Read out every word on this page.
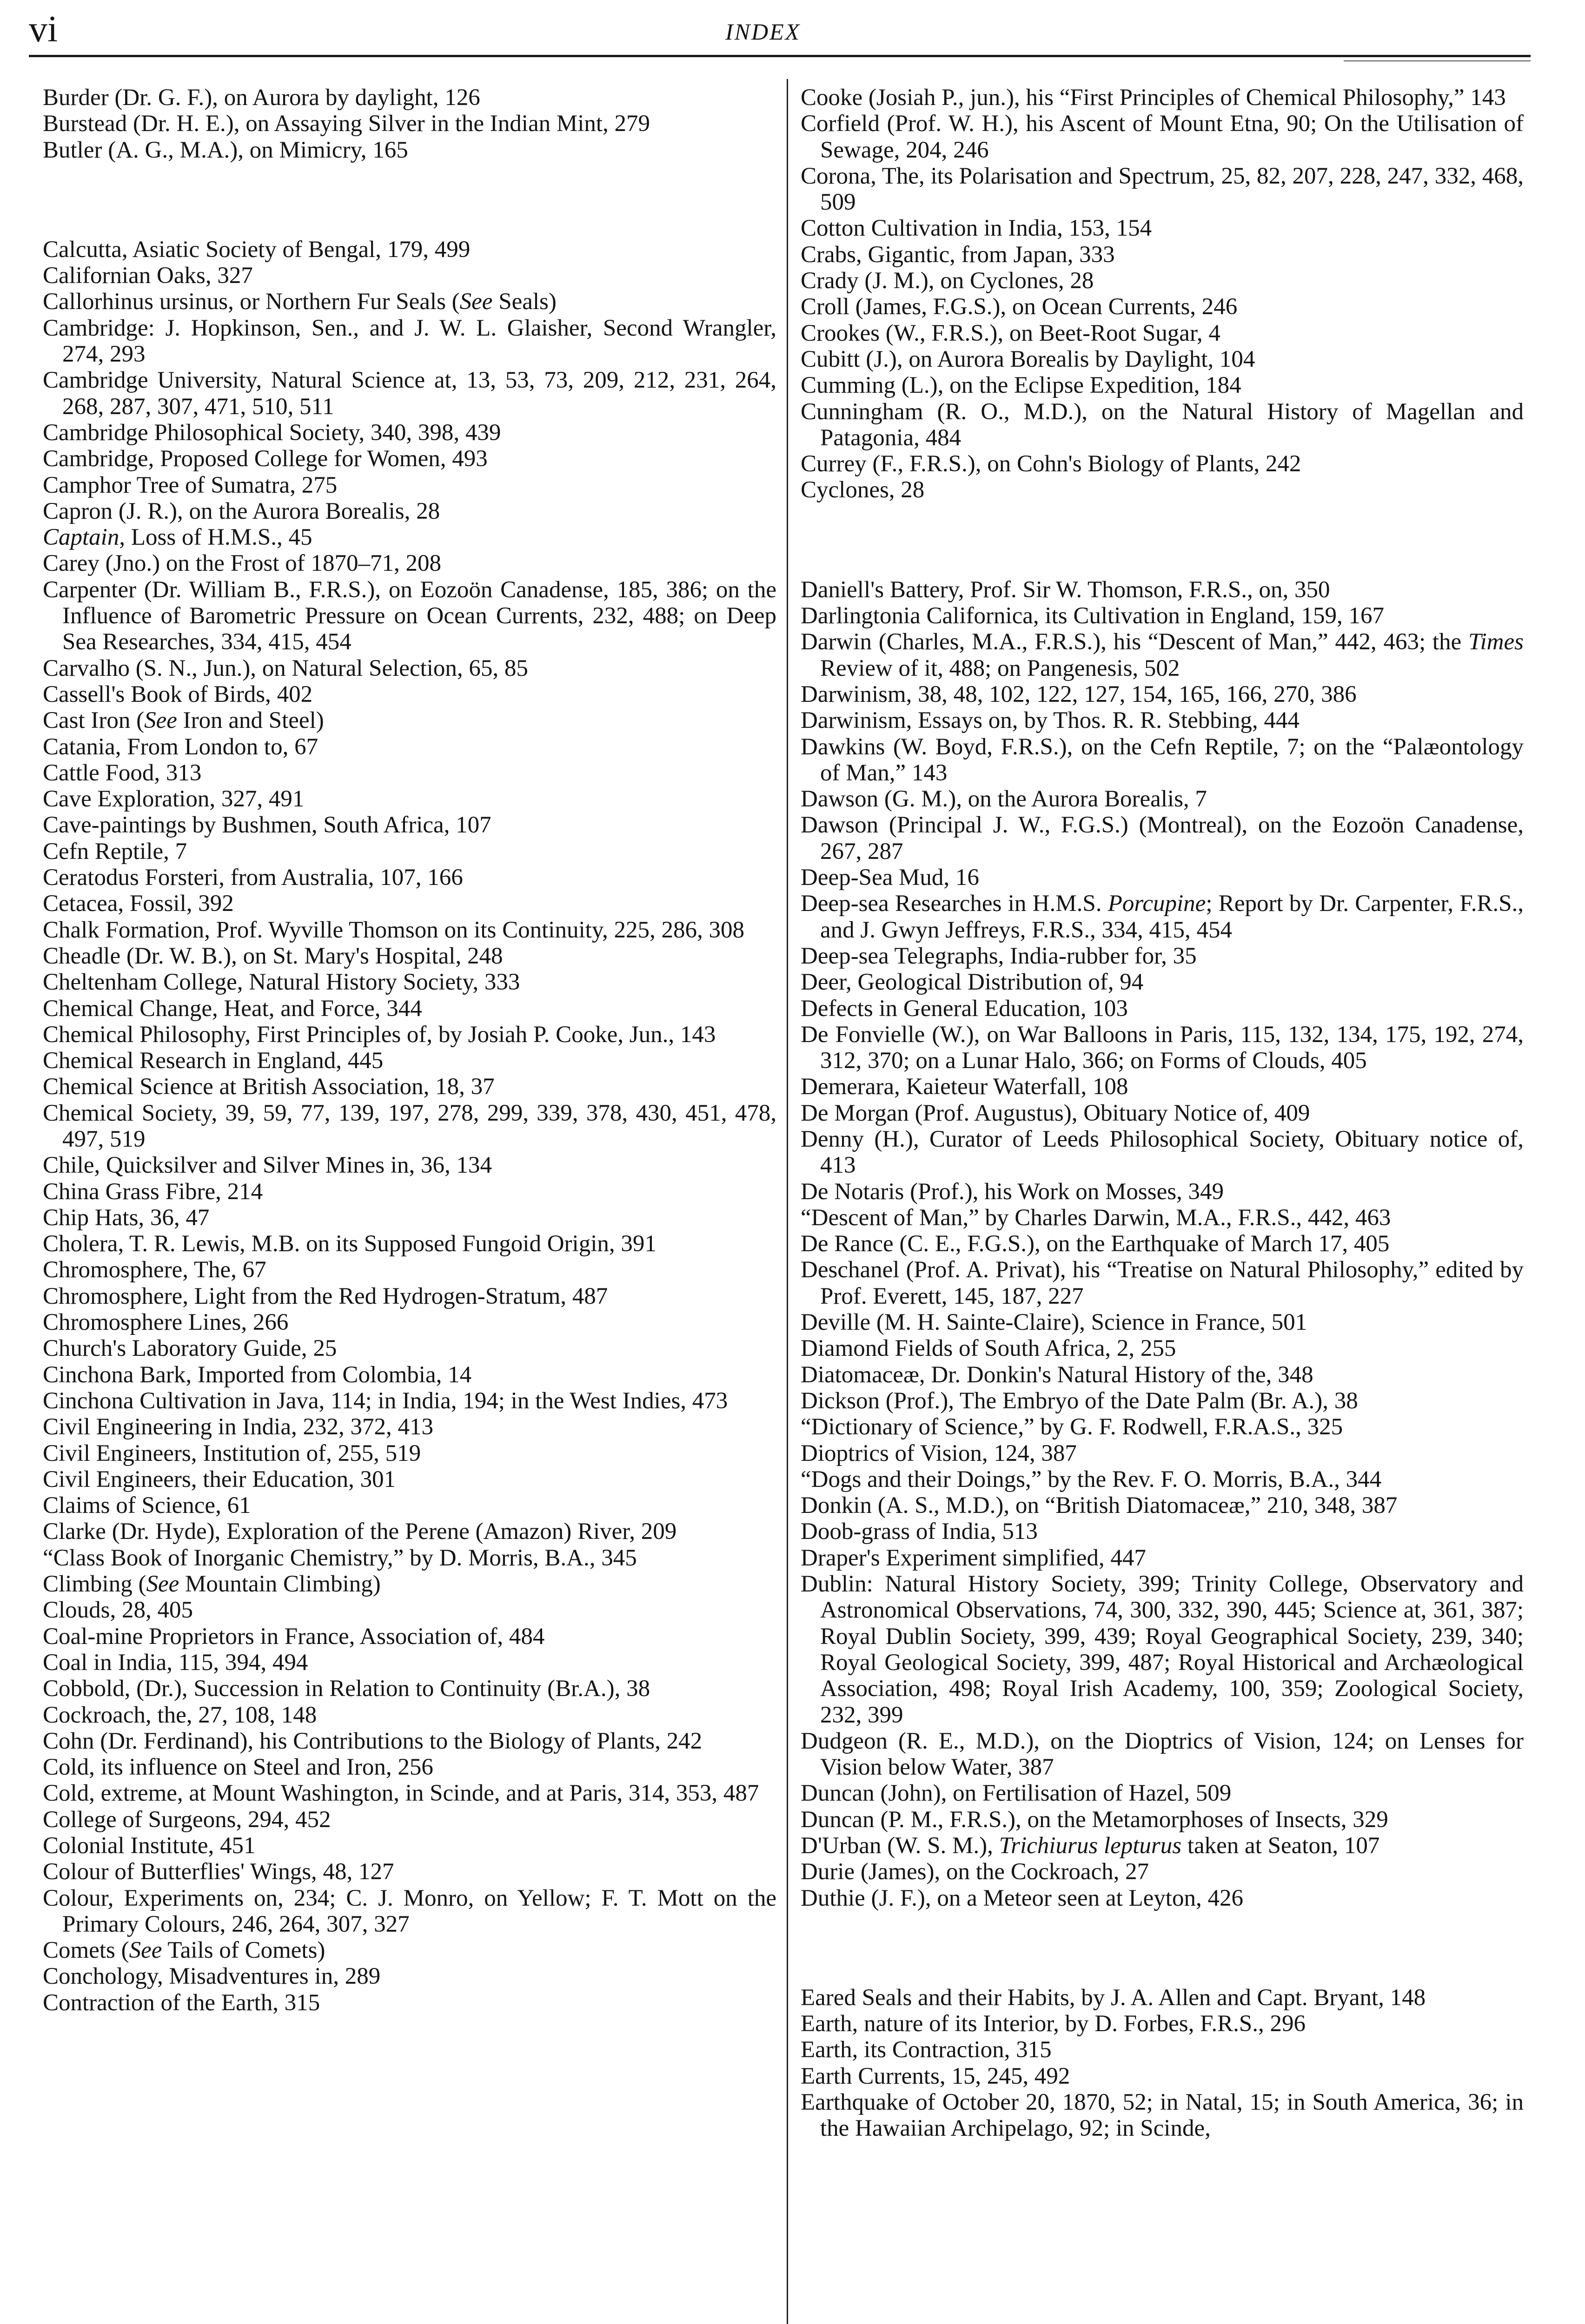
vi	INDEX

Burder (Dr. G. F.), on Aurora by daylight, 126

Burstead (Dr. H. E.), on Assaying Silver in the Indian Mint, 279

Butler (A. G., M.A.), on Mimicry, 165

Calcutta, Asiatic Society of Bengal, 179, 499

Californian Oaks, 327

Callorhinus ursinus, or Northern Fur Seals (See Seals)

Cambridge: J. Hopkinson, Sen., and J. W. L. Glaisher, Second Wrangler, 274, 293

Cambridge University, Natural Science at, 13, 53, 73, 209, 212, 231, 264, 268, 287, 307, 471, 510, 511

Cambridge Philosophical Society, 340, 398, 439

Cambridge, Proposed College for Women, 493

Camphor Tree of Sumatra, 275

Capron (J. R.), on the Aurora Borealis, 28

Captain, Loss of H.M.S., 45

Carey (Jno.) on the Frost of 1870–71, 208

Carpenter (Dr. William B., F.R.S.), on Eozoön Canadense, 185, 386; on the Influence of Barometric Pressure on Ocean Currents, 232, 488; on Deep Sea Researches, 334, 415, 454

Carvalho (S. N., Jun.), on Natural Selection, 65, 85

Cassell's Book of Birds, 402

Cast Iron (See Iron and Steel)

Catania, From London to, 67

Cattle Food, 313

Cave Exploration, 327, 491

Cave-paintings by Bushmen, South Africa, 107

Cefn Reptile, 7

Ceratodus Forsteri, from Australia, 107, 166

Cetacea, Fossil, 392

Chalk Formation, Prof. Wyville Thomson on its Continuity, 225, 286, 308

Cheadle (Dr. W. B.), on St. Mary's Hospital, 248

Cheltenham College, Natural History Society, 333

Chemical Change, Heat, and Force, 344

Chemical Philosophy, First Principles of, by Josiah P. Cooke, Jun., 143

Chemical Research in England, 445

Chemical Science at British Association, 18, 37

Chemical Society, 39, 59, 77, 139, 197, 278, 299, 339, 378, 430, 451, 478, 497, 519

Chile, Quicksilver and Silver Mines in, 36, 134

China Grass Fibre, 214

Chip Hats, 36, 47

Cholera, T. R. Lewis, M.B. on its Supposed Fungoid Origin, 391

Chromosphere, The, 67

Chromosphere, Light from the Red Hydrogen-Stratum, 487

Chromosphere Lines, 266

Church's Laboratory Guide, 25

Cinchona Bark, Imported from Colombia, 14

Cinchona Cultivation in Java, 114; in India, 194; in the West Indies, 473

Civil Engineering in India, 232, 372, 413

Civil Engineers, Institution of, 255, 519

Civil Engineers, their Education, 301

Claims of Science, 61

Clarke (Dr. Hyde), Exploration of the Perene (Amazon) River, 209

“Class Book of Inorganic Chemistry,” by D. Morris, B.A., 345

Climbing (See Mountain Climbing)

Clouds, 28, 405

Coal-mine Proprietors in France, Association of, 484

Coal in India, 115, 394, 494

Cobbold, (Dr.), Succession in Relation to Continuity (Br.A.), 38

Cockroach, the, 27, 108, 148

Cohn (Dr. Ferdinand), his Contributions to the Biology of Plants, 242

Cold, its influence on Steel and Iron, 256

Cold, extreme, at Mount Washington, in Scinde, and at Paris, 314, 353, 487

College of Surgeons, 294, 452

Colonial Institute, 451

Colour of Butterflies' Wings, 48, 127

Colour, Experiments on, 234; C. J. Monro, on Yellow; F. T. Mott on the Primary Colours, 246, 264, 307, 327

Comets (See Tails of Comets)

Conchology, Misadventures in, 289

Contraction of the Earth, 315

Cooke (Josiah P., jun.), his “First Principles of Chemical Philosophy,” 143

Corfield (Prof. W. H.), his Ascent of Mount Etna, 90; On the Utilisation of Sewage, 204, 246

Corona, The, its Polarisation and Spectrum, 25, 82, 207, 228, 247, 332, 468, 509

Cotton Cultivation in India, 153, 154

Crabs, Gigantic, from Japan, 333

Crady (J. M.), on Cyclones, 28

Croll (James, F.G.S.), on Ocean Currents, 246

Crookes (W., F.R.S.), on Beet-Root Sugar, 4

Cubitt (J.), on Aurora Borealis by Daylight, 104

Cumming (L.), on the Eclipse Expedition, 184

Cunningham (R. O., M.D.), on the Natural History of Magellan and Patagonia, 484

Currey (F., F.R.S.), on Cohn's Biology of Plants, 242

Cyclones, 28

Daniell's Battery, Prof. Sir W. Thomson, F.R.S., on, 350

Darlingtonia Californica, its Cultivation in England, 159, 167

Darwin (Charles, M.A., F.R.S.), his “Descent of Man,” 442, 463; the Times Review of it, 488; on Pangenesis, 502

Darwinism, 38, 48, 102, 122, 127, 154, 165, 166, 270, 386

Darwinism, Essays on, by Thos. R. R. Stebbing, 444

Dawkins (W. Boyd, F.R.S.), on the Cefn Reptile, 7; on the “Palæontology of Man,” 143

Dawson (G. M.), on the Aurora Borealis, 7

Dawson (Principal J. W., F.G.S.) (Montreal), on the Eozoön Canadense, 267, 287

Deep-Sea Mud, 16

Deep-sea Researches in H.M.S. Porcupine; Report by Dr. Carpenter, F.R.S., and J. Gwyn Jeffreys, F.R.S., 334, 415, 454

Deep-sea Telegraphs, India-rubber for, 35

Deer, Geological Distribution of, 94

Defects in General Education, 103

De Fonvielle (W.), on War Balloons in Paris, 115, 132, 134, 175, 192, 274, 312, 370; on a Lunar Halo, 366; on Forms of Clouds, 405

Demerara, Kaieteur Waterfall, 108

De Morgan (Prof. Augustus), Obituary Notice of, 409

Denny (H.), Curator of Leeds Philosophical Society, Obituary notice of, 413

De Notaris (Prof.), his Work on Mosses, 349

“Descent of Man,” by Charles Darwin, M.A., F.R.S., 442, 463

De Rance (C. E., F.G.S.), on the Earthquake of March 17, 405

Deschanel (Prof. A. Privat), his “Treatise on Natural Philosophy,” edited by Prof. Everett, 145, 187, 227

Deville (M. H. Sainte-Claire), Science in France, 501

Diamond Fields of South Africa, 2, 255

Diatomaceæ, Dr. Donkin's Natural History of the, 348

Dickson (Prof.), The Embryo of the Date Palm (Br. A.), 38

“Dictionary of Science,” by G. F. Rodwell, F.R.A.S., 325

Dioptrics of Vision, 124, 387

“Dogs and their Doings,” by the Rev. F. O. Morris, B.A., 344

Donkin (A. S., M.D.), on “British Diatomaceæ,” 210, 348, 387

Doob-grass of India, 513

Draper's Experiment simplified, 447

Dublin: Natural History Society, 399; Trinity College, Observatory and Astronomical Observations, 74, 300, 332, 390, 445; Science at, 361, 387; Royal Dublin Society, 399, 439; Royal Geographical Society, 239, 340; Royal Geological Society, 399, 487; Royal Historical and Archæological Association, 498; Royal Irish Academy, 100, 359; Zoological Society, 232, 399

Dudgeon (R. E., M.D.), on the Dioptrics of Vision, 124; on Lenses for Vision below Water, 387

Duncan (John), on Fertilisation of Hazel, 509

Duncan (P. M., F.R.S.), on the Metamorphoses of Insects, 329

D'Urban (W. S. M.), Trichiurus lepturus taken at Seaton, 107

Durie (James), on the Cockroach, 27

Duthie (J. F.), on a Meteor seen at Leyton, 426

Eared Seals and their Habits, by J. A. Allen and Capt. Bryant, 148

Earth, nature of its Interior, by D. Forbes, F.R.S., 296

Earth, its Contraction, 315

Earth Currents, 15, 245, 492

Earthquake of October 20, 1870, 52; in Natal, 15; in South America, 36; in the Hawaiian Archipelago, 92; in Scinde,
